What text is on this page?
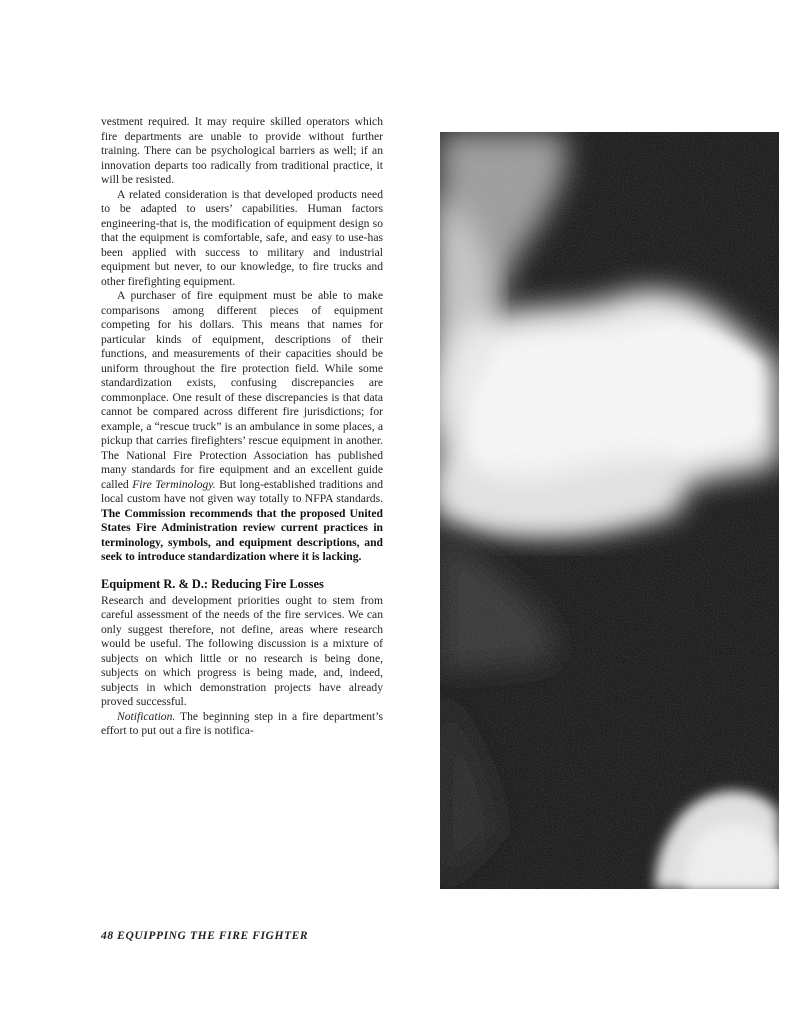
vestment required. It may require skilled operators which fire departments are unable to provide without further training. There can be psychological barriers as well; if an innovation departs too radically from traditional practice, it will be resisted.

A related consideration is that developed products need to be adapted to users’ capabilities. Human factors engineering-that is, the modification of equipment design so that the equipment is comfortable, safe, and easy to use-has been applied with success to military and industrial equipment but never, to our knowledge, to fire trucks and other firefighting equipment.

A purchaser of fire equipment must be able to make comparisons among different pieces of equipment competing for his dollars. This means that names for particular kinds of equipment, descriptions of their functions, and measurements of their capacities should be uniform throughout the fire protection field. While some standardization exists, confusing discrepancies are commonplace. One result of these discrepancies is that data cannot be compared across different fire jurisdictions; for example, a “rescue truck” is an ambulance in some places, a pickup that carries firefighters’ rescue equipment in another. The National Fire Protection Association has published many standards for fire equipment and an excellent guide called Fire Terminology. But long-established traditions and local custom have not given way totally to NFPA standards. The Commission recommends that the proposed United States Fire Administration review current practices in terminology, symbols, and equipment descriptions, and seek to introduce standardization where it is lacking.

Equipment R. & D.: Reducing Fire Losses

Research and development priorities ought to stem from careful assessment of the needs of the fire services. We can only suggest therefore, not define, areas where research would be useful. The following discussion is a mixture of subjects on which little or no research is being done, subjects on which progress is being made, and, indeed, subjects in which demonstration projects have already proved successful.

Notification. The beginning step in a fire department’s effort to put out a fire is notifica-

48 EQUIPPING THE FIRE FIGHTER
